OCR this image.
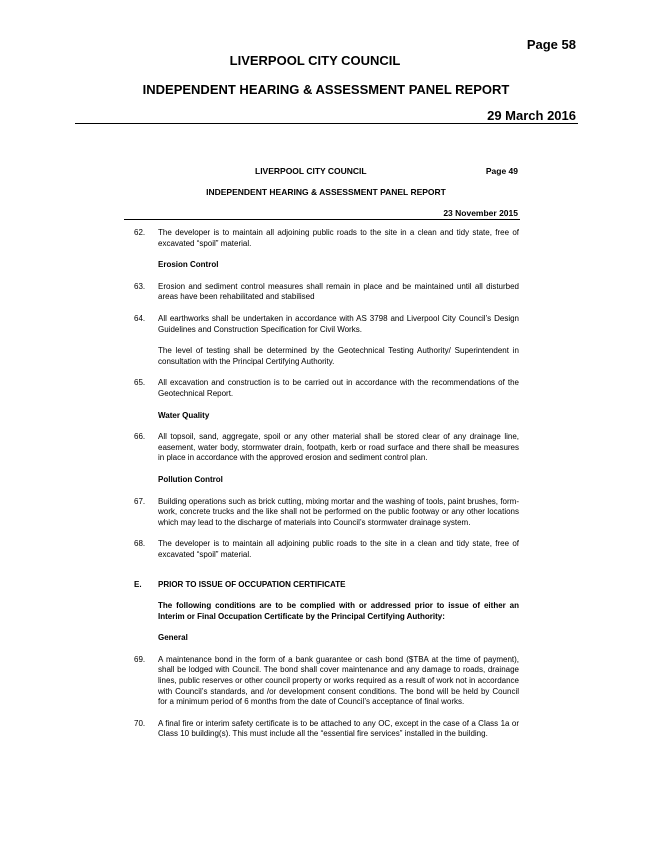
Page 58
LIVERPOOL CITY COUNCIL
INDEPENDENT HEARING & ASSESSMENT PANEL REPORT
29 March 2016
LIVERPOOL CITY COUNCIL	Page 49
INDEPENDENT HEARING & ASSESSMENT PANEL REPORT
23 November 2015
62.	The developer is to maintain all adjoining public roads to the site in a clean and tidy state, free of excavated “spoil” material.
Erosion Control
63.	Erosion and sediment control measures shall remain in place and be maintained until all disturbed areas have been rehabilitated and stabilised
64.	All earthworks shall be undertaken in accordance with AS 3798 and Liverpool City Council’s Design Guidelines and Construction Specification for Civil Works.
The level of testing shall be determined by the Geotechnical Testing Authority/ Superintendent in consultation with the Principal Certifying Authority.
65.	All excavation and construction is to be carried out in accordance with the recommendations of the Geotechnical Report.
Water Quality
66.	All topsoil, sand, aggregate, spoil or any other material shall be stored clear of any drainage line, easement, water body, stormwater drain, footpath, kerb or road surface and there shall be measures in place in accordance with the approved erosion and sediment control plan.
Pollution Control
67.	Building operations such as brick cutting, mixing mortar and the washing of tools, paint brushes, form-work, concrete trucks and the like shall not be performed on the public footway or any other locations which may lead to the discharge of materials into Council’s stormwater drainage system.
68.	The developer is to maintain all adjoining public roads to the site in a clean and tidy state, free of excavated “spoil” material.
E.	PRIOR TO ISSUE OF OCCUPATION CERTIFICATE
The following conditions are to be complied with or addressed prior to issue of either an Interim or Final Occupation Certificate by the Principal Certifying Authority:
General
69.	A maintenance bond in the form of a bank guarantee or cash bond ($TBA at the time of payment), shall be lodged with Council. The bond shall cover maintenance and any damage to roads, drainage lines, public reserves or other council property or works required as a result of work not in accordance with Council’s standards, and /or development consent conditions. The bond will be held by Council for a minimum period of 6 months from the date of Council’s acceptance of final works.
70.	A final fire or interim safety certificate is to be attached to any OC, except in the case of a Class 1a or Class 10 building(s). This must include all the “essential fire services” installed in the building.
